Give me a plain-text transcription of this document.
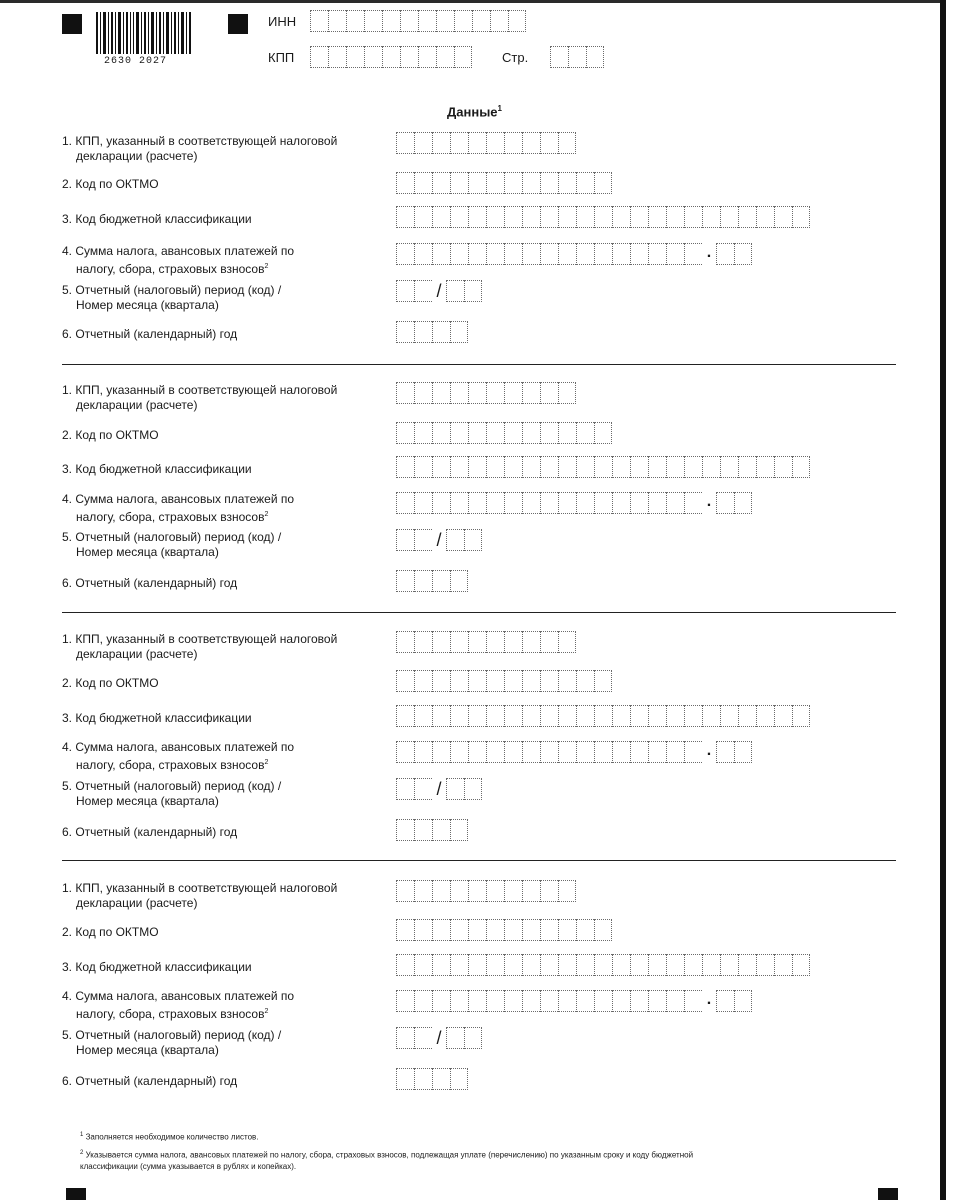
2630 2027
ИНН
КПП	Стр.
Данные$^1$
1. КПП, указанный в соответствующей налоговой
декларации (расчете)
2. Код по ОКТМО
3. Код бюджетной классификации
4. Сумма налога, авансовых платежей по
налогу, сбора, страховых взносов$^2$
.
5. Отчетный (налоговый) период (код) /
Номер месяца (квартала)
/
6. Отчетный (календарный) год
1. КПП, указанный в соответствующей налоговой
декларации (расчете)
2. Код по ОКТМО
3. Код бюджетной классификации
4. Сумма налога, авансовых платежей по
налогу, сбора, страховых взносов$^2$
.
5. Отчетный (налоговый) период (код) /
Номер месяца (квартала)
/
6. Отчетный (календарный) год
1. КПП, указанный в соответствующей налоговой
декларации (расчете)
2. Код по ОКТМО
3. Код бюджетной классификации
4. Сумма налога, авансовых платежей по
налогу, сбора, страховых взносов$^2$
.
5. Отчетный (налоговый) период (код) /
Номер месяца (квартала)
/
6. Отчетный (календарный) год
1. КПП, указанный в соответствующей налоговой
декларации (расчете)
2. Код по ОКТМО
3. Код бюджетной классификации
4. Сумма налога, авансовых платежей по
налогу, сбора, страховых взносов$^2$
.
5. Отчетный (налоговый) период (код) /
Номер месяца (квартала)
/
6. Отчетный (календарный) год
$^1$ Заполняется необходимое количество листов.
$^2$ Указывается сумма налога, авансовых платежей по налогу, сбора, страховых взносов, подлежащая уплате (перечислению) по указанным сроку и коду бюджетной
классификации (сумма указывается в рублях и копейках).
